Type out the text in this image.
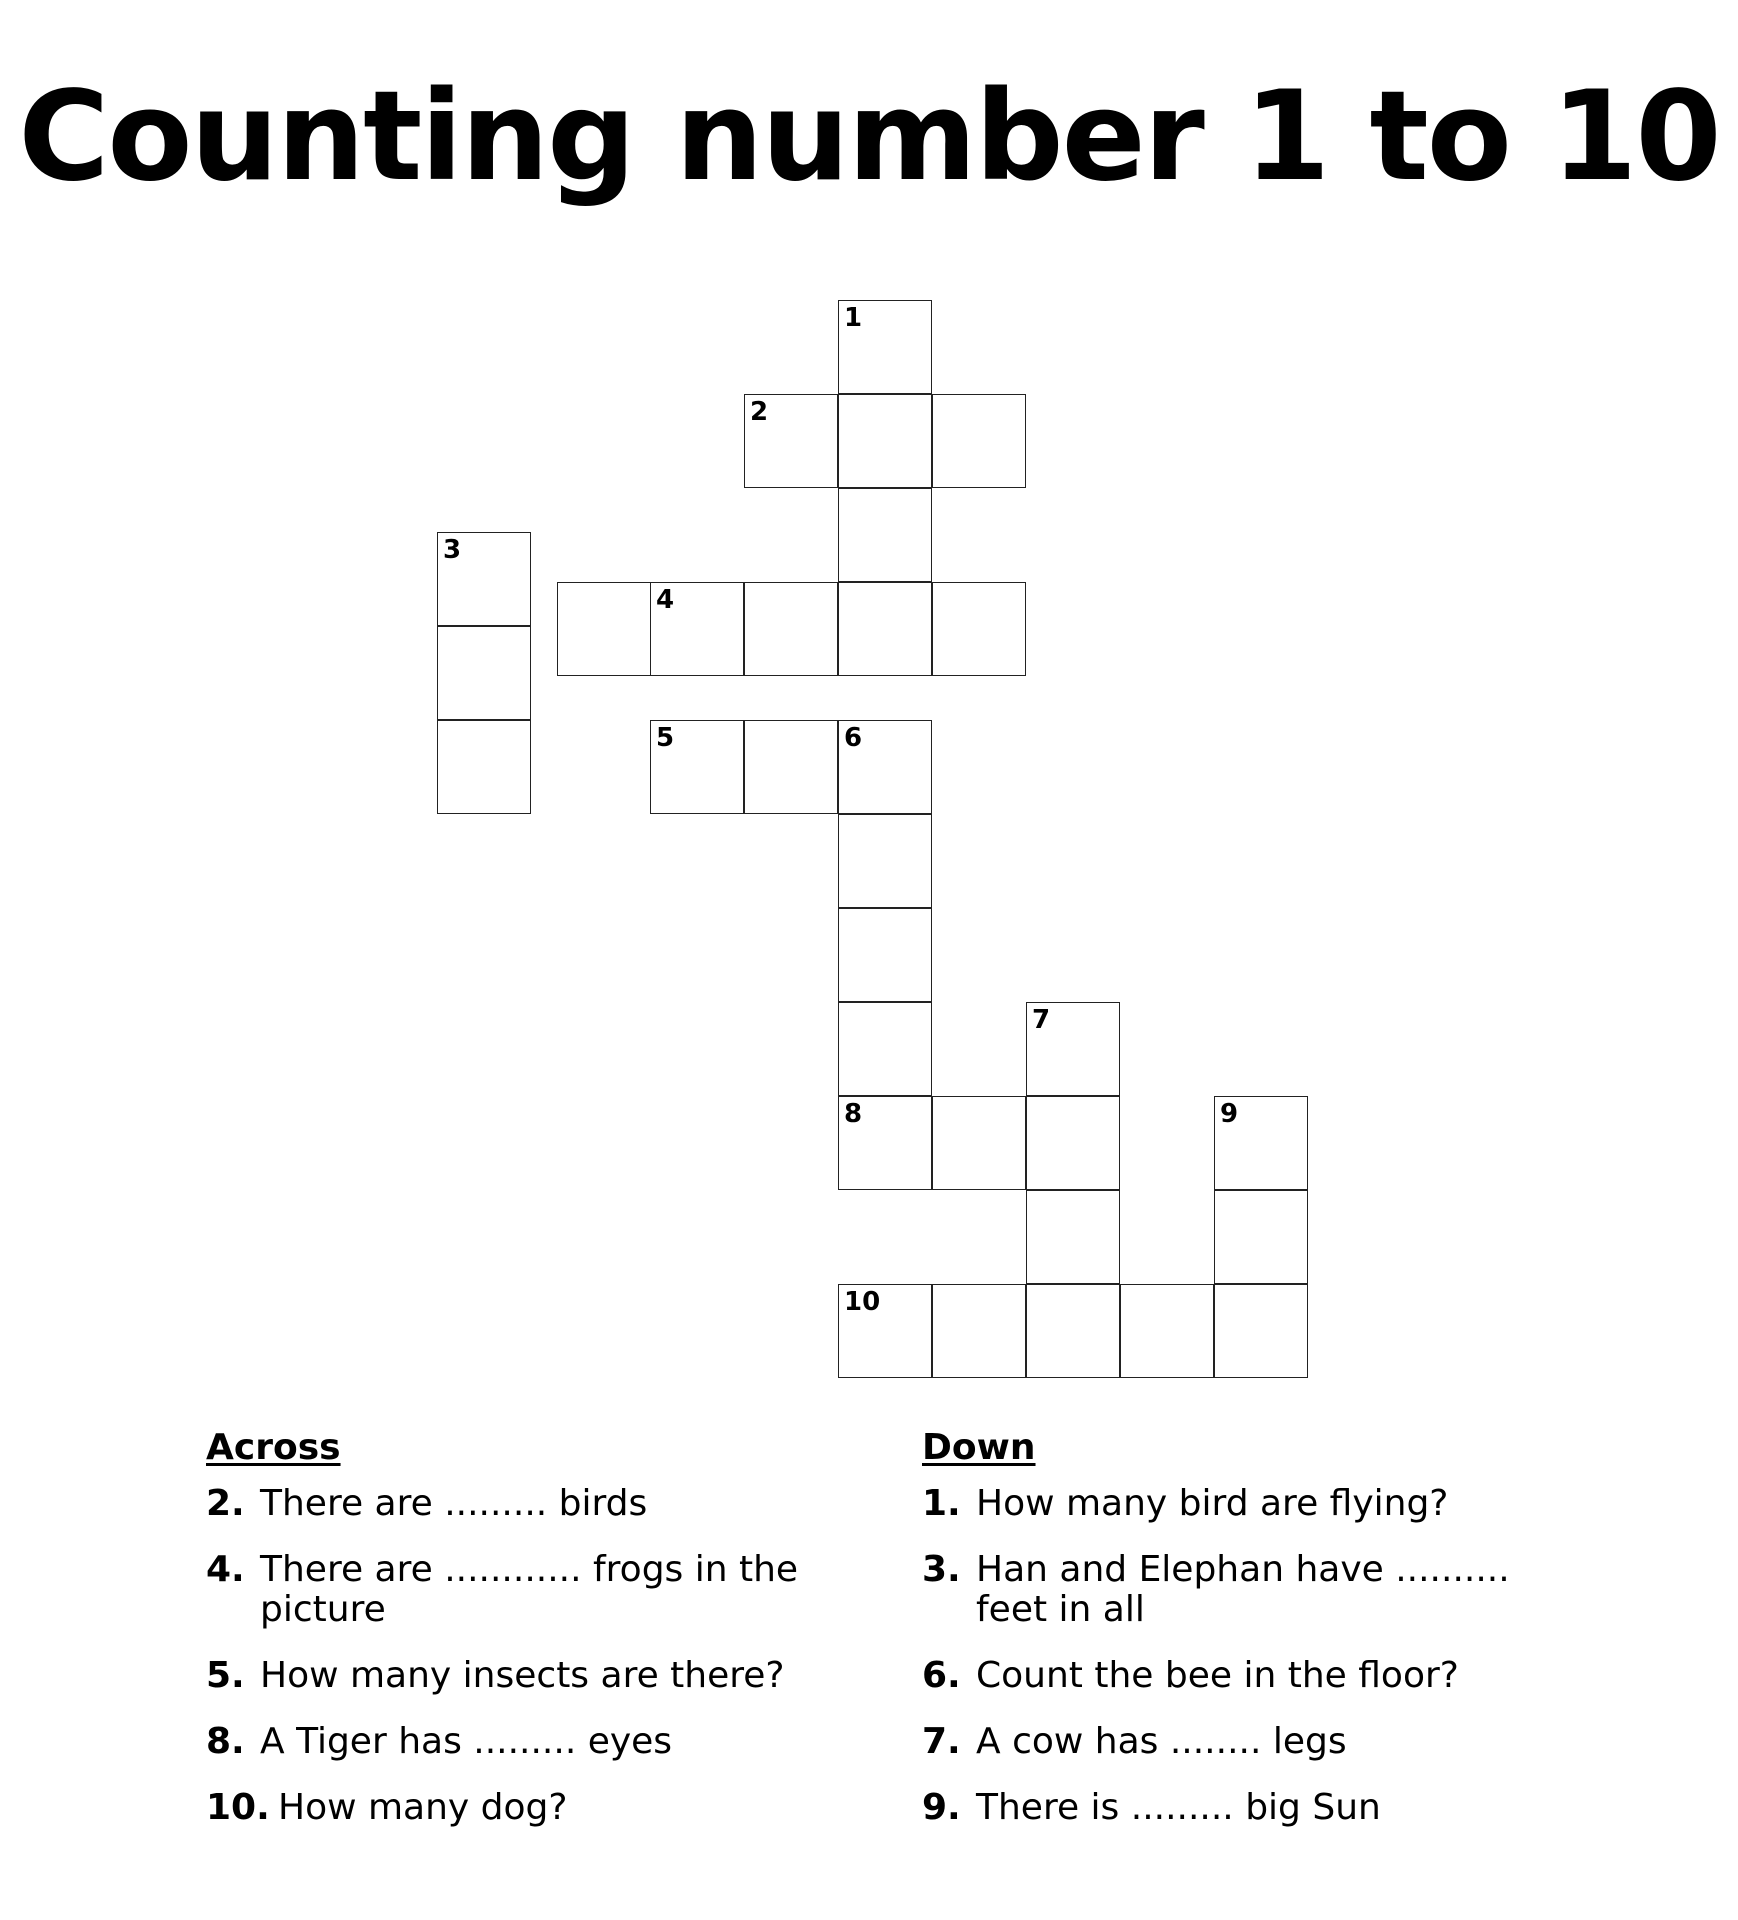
Counting number 1 to 10
1
2
4
5	6
7
8	9
10
3
Across
2. There are ......... birds
4. There are ............ frogs in the picture
5. How many insects are there?
8. A Tiger has ......... eyes
10. How many dog?
Down
1. How many bird are flying?
3. Han and Elephan have .......... feet in all
6. Count the bee in the floor?
7. A cow has ........ legs
9. There is ......... big Sun
